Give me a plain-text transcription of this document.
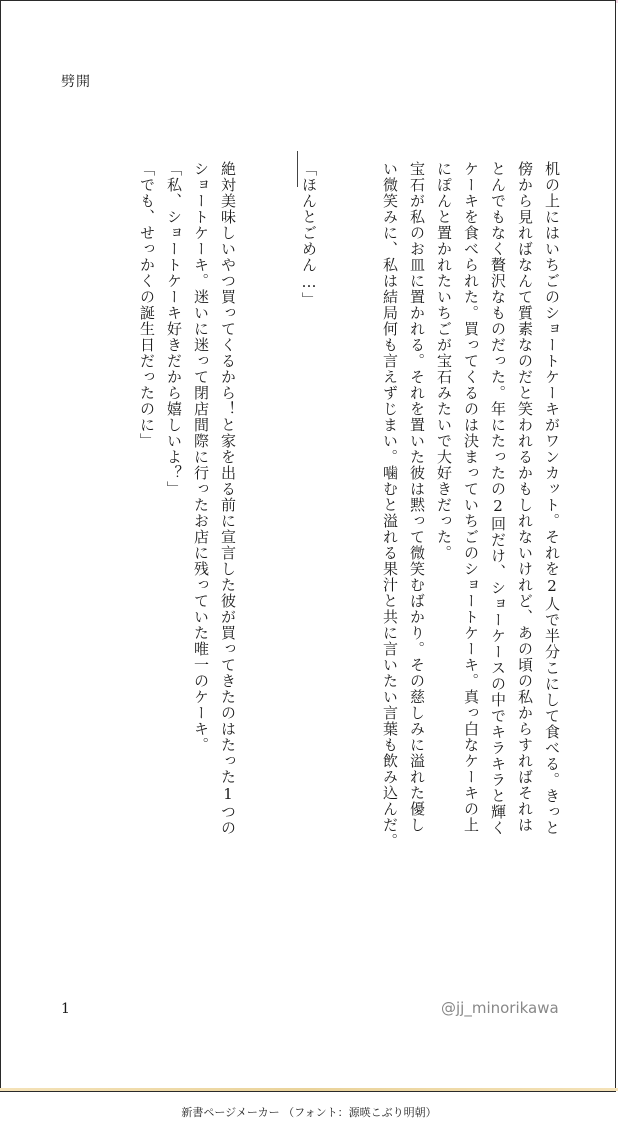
劈開
机の上にはいちごのショートケーキがワンカット。それを2人で半分こにして食べる。きっと
傍から見ればなんて質素なのだと笑われるかもしれないけれど、あの頃の私からすればそれは
とんでもなく贅沢なものだった。年にたったの2回だけ、ショーケースの中でキラキラと輝く
ケーキを食べられた。買ってくるのは決まっていちごのショートケーキ。真っ白なケーキの上
にぽんと置かれたいちごが宝石みたいで大好きだった。
宝石が私のお皿に置かれる。それを置いた彼は黙って微笑むばかり。その慈しみに溢れた優し
い微笑みに、私は結局何も言えずじまい。噛むと溢れる果汁と共に言いたい言葉も飲み込んだ。
「ほんとごめん…」
絶対美味しいやつ買ってくるから！と家を出る前に宣言した彼が買ってきたのはたった1つの
ショートケーキ。迷いに迷って閉店間際に行ったお店に残っていた唯一のケーキ。
「私、ショートケーキ好きだから嬉しいよ？」
「でも、せっかくの誕生日だったのに」
1	@jj_minorikawa
新書ページメーカー （フォント：源暎こぶり明朝）
